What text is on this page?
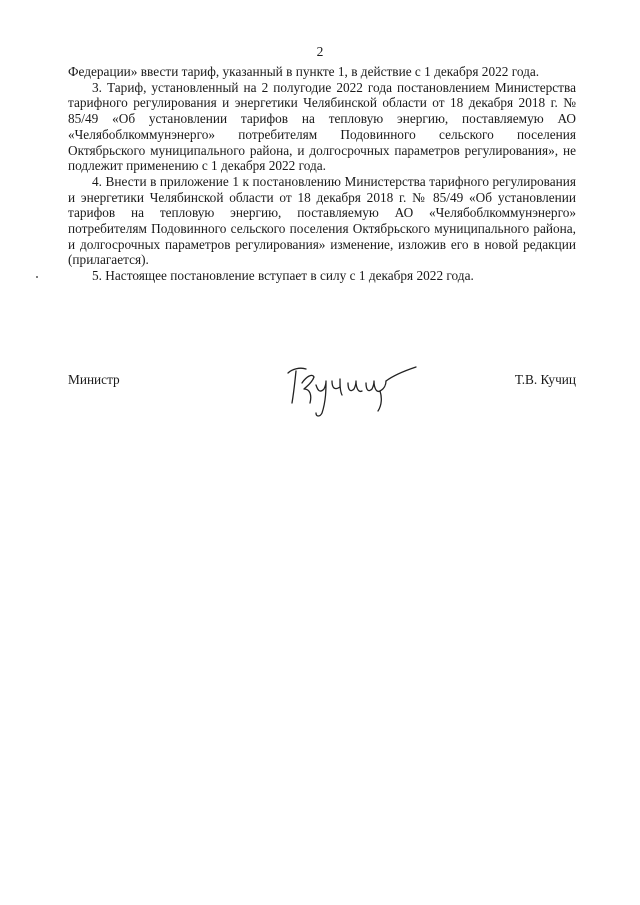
2

Федерации» ввести тариф, указанный в пункте 1, в действие с 1 декабря 2022 года.

3. Тариф, установленный на 2 полугодие 2022 года постановлением Министерства тарифного регулирования и энергетики Челябинской области от 18 декабря 2018 г. № 85/49 «Об установлении тарифов на тепловую энергию, поставляемую АО «Челябоблкоммунэнерго» потребителям Подовинного сельского поселения Октябрьского муниципального района, и долгосрочных параметров регулирования», не подлежит применению с 1 декабря 2022 года.

4. Внести в приложение 1 к постановлению Министерства тарифного регулирования и энергетики Челябинской области от 18 декабря 2018 г. № 85/49 «Об установлении тарифов на тепловую энергию, поставляемую АО «Челябоблкоммунэнерго» потребителям Подовинного сельского поселения Октябрьского муниципального района, и долгосрочных параметров регулирования» изменение, изложив его в новой редакции (прилагается).

5. Настоящее постановление вступает в силу с 1 декабря 2022 года.

Министр	Т.В. Кучиц
